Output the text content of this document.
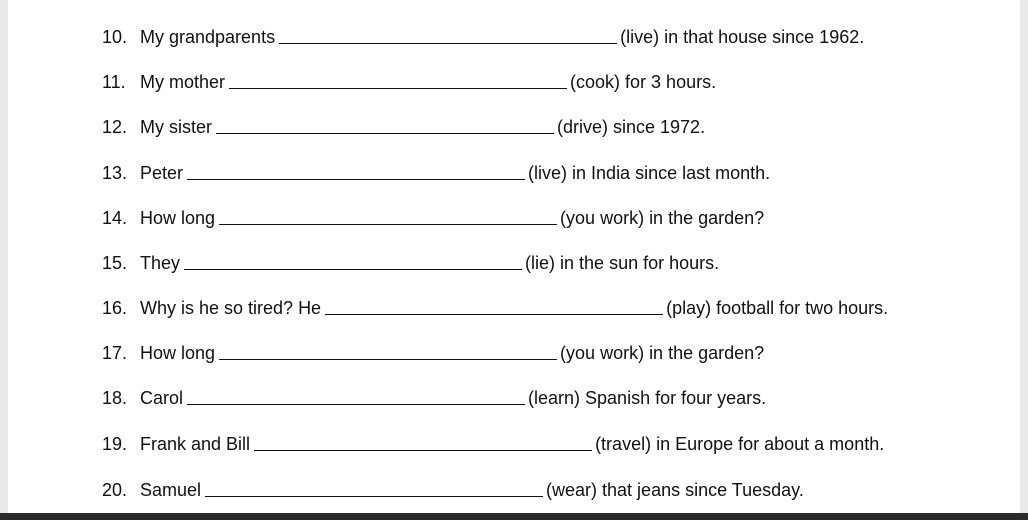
10. My grandparents	(live) in that house since 1962.
11. My mother	(cook) for 3 hours.
12. My sister	(drive) since 1972.
13. Peter	(live) in India since last month.
14. How long	(you work) in the garden?
15. They	(lie) in the sun for hours.
16. Why is he so tired? He	(play) football for two hours.
17. How long	(you work) in the garden?
18. Carol	(learn) Spanish for four years.
19. Frank and Bill	(travel) in Europe for about a month.
20. Samuel	(wear) that jeans since Tuesday.
